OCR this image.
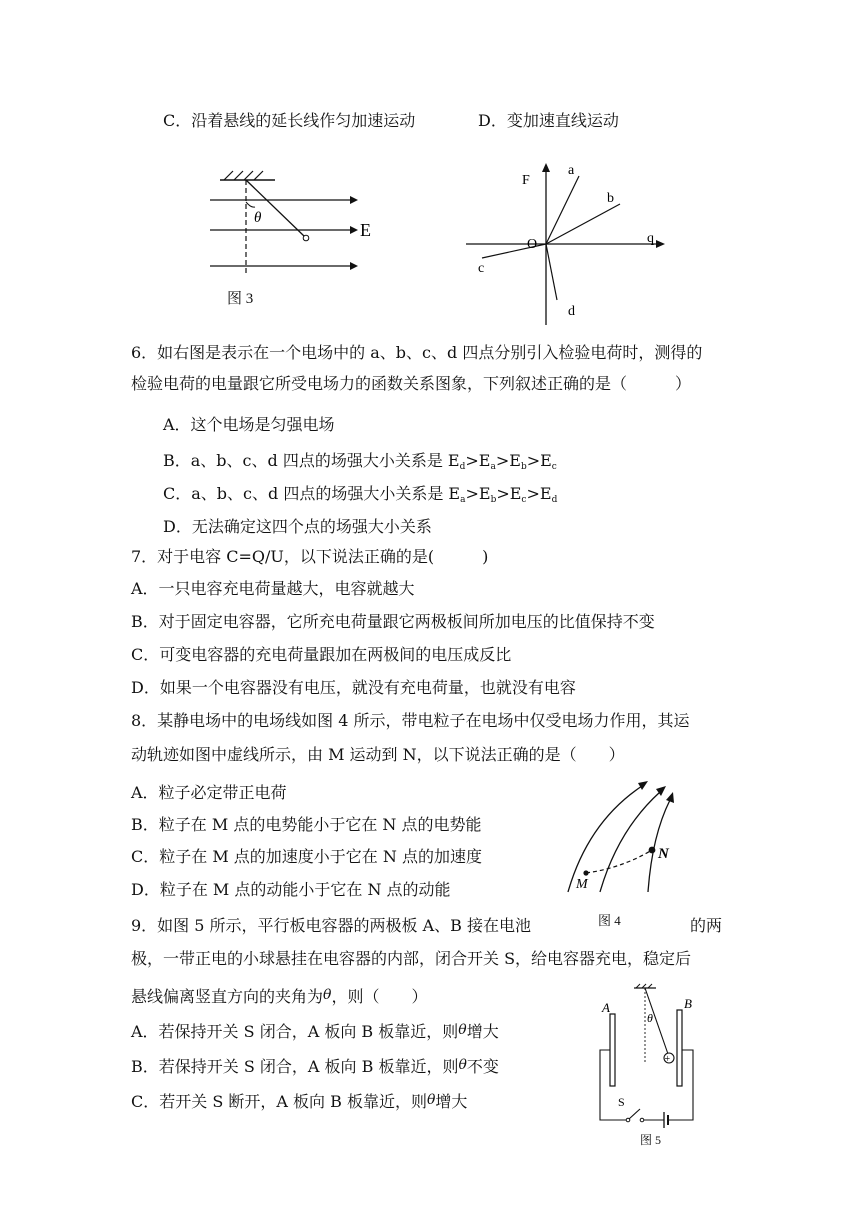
C．沿着悬线的延长线作匀加速运动	D．变加速直线运动
θ
E
图 3
F
O	q
a
b
c
d
6．如右图是表示在一个电场中的 a、b、c、d 四点分别引入检验电荷时，测得的
检验电荷的电量跟它所受电场力的函数关系图象，下列叙述正确的是（　　　）
A．这个电场是匀强电场
B．a、b、c、d 四点的场强大小关系是 $E_d>E_a>E_b>E_c$
C．a、b、c、d 四点的场强大小关系是 $E_a>E_b>E_c>E_d$
D．无法确定这四个点的场强大小关系
7．对于电容 C=Q/U，以下说法正确的是(　　　)
A．一只电容充电荷量越大，电容就越大
B．对于固定电容器，它所充电荷量跟它两极板间所加电压的比值保持不变
C．可变电容器的充电荷量跟加在两极间的电压成反比
D．如果一个电容器没有电压，就没有充电荷量，也就没有电容
8．某静电场中的电场线如图 4 所示，带电粒子在电场中仅受电场力作用，其运
动轨迹如图中虚线所示，由 M 运动到 N，以下说法正确的是（　　）
A．粒子必定带正电荷
B．粒子在 M 点的电势能小于它在 N 点的电势能
C．粒子在 M 点的加速度小于它在 N 点的加速度
D．粒子在 M 点的动能小于它在 N 点的动能	M
N
图 4
9．如图 5 所示，平行板电容器的两极板 A、B 接在电池	的两
极，一带正电的小球悬挂在电容器的内部，闭合开关 S，给电容器充电，稳定后
悬线偏离竖直方向的夹角为θ，则（　　）
A．若保持开关 S 闭合，A 板向 B 板靠近，则θ增大
B．若保持开关 S 闭合，A 板向 B 板靠近，则θ不变
C．若开关 S 断开，A 板向 B 板靠近，则θ增大
+
θ
A	B
S
图 5
